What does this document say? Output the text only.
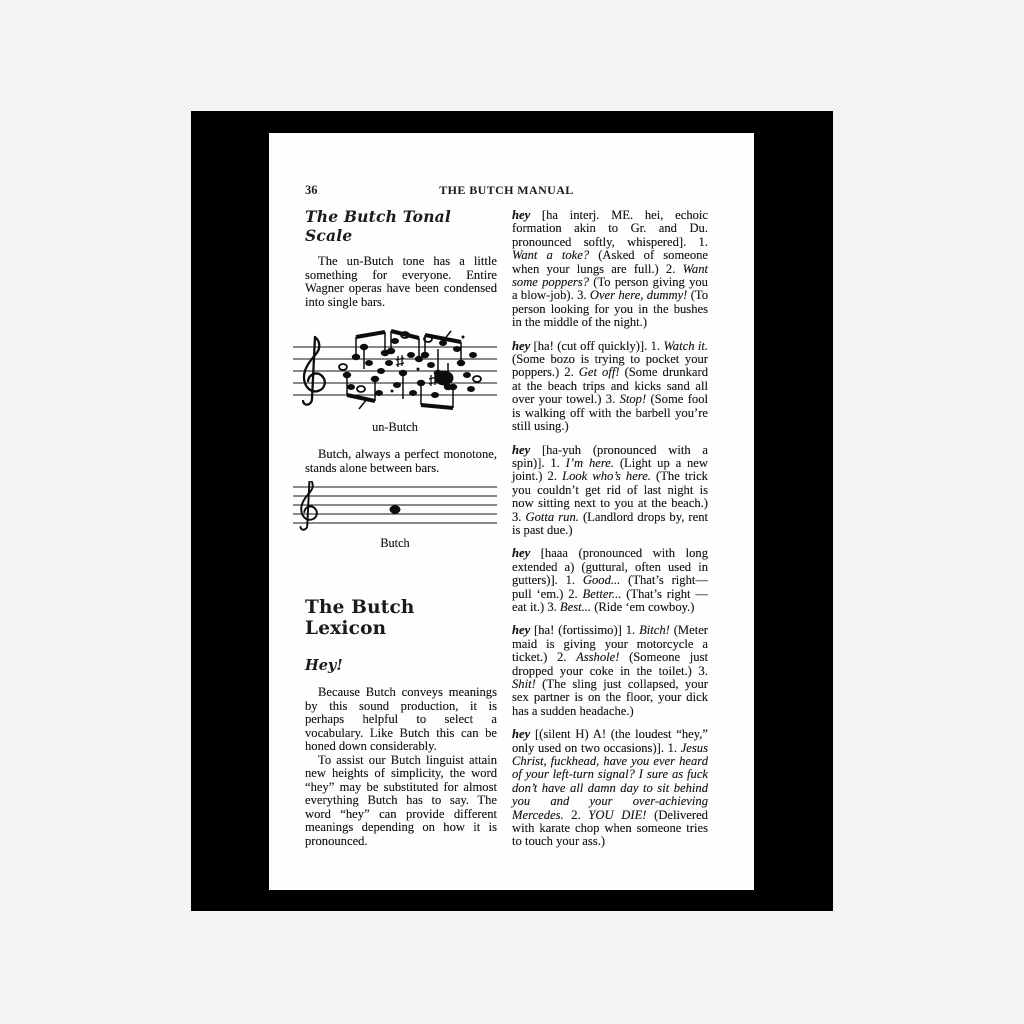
36	THE BUTCH MANUAL
The Butch Tonal Scale

The un-Butch tone has a little something for everyone. Entire Wagner operas have been condensed into single bars.

un-Butch

Butch, always a perfect monotone, stands alone between bars.

Butch
The Butch Lexicon
Hey!

Because Butch conveys meanings by this sound production, it is perhaps helpful to select a vocabulary. Like Butch this can be honed down considerably.

To assist our Butch linguist attain new heights of simplicity, the word “hey” may be substituted for almost everything Butch has to say. The word “hey” can provide different meanings depending on how it is pronounced.

hey [ha interj. ME. hei, echoic formation akin to Gr. and Du. pronounced softly, whispered]. 1. Want a toke? (Asked of someone when your lungs are full.) 2. Want some poppers? (To person giving you a blow-job). 3. Over here, dummy! (To person looking for you in the bushes in the middle of the night.)

hey [ha! (cut off quickly)]. 1. Watch it. (Some bozo is trying to pocket your poppers.) 2. Get off! (Some drunkard at the beach trips and kicks sand all over your towel.) 3. Stop! (Some fool is walking off with the barbell you’re still using.)

hey [ha-yuh (pronounced with a spin)]. 1. I’m here. (Light up a new joint.) 2. Look who’s here. (The trick you couldn’t get rid of last night is now sitting next to you at the beach.) 3. Gotta run. (Landlord drops by, rent is past due.)

hey [haaa (pronounced with long extended a) (guttural, often used in gutters)]. 1. Good... (That’s right—pull ‘em.) 2. Better... (That’s right — eat it.) 3. Best... (Ride ‘em cowboy.)

hey [ha! (fortissimo)] 1. Bitch! (Meter maid is giving your motorcycle a ticket.) 2. Asshole! (Someone just dropped your coke in the toilet.) 3. Shit! (The sling just collapsed, your sex partner is on the floor, your dick has a sudden headache.)

hey [(silent H) A! (the loudest “hey,” only used on two occasions)]. 1. Jesus Christ, fuckhead, have you ever heard of your left-turn signal? I sure as fuck don’t have all damn day to sit behind you and your over-achieving Mercedes. 2. YOU DIE! (Delivered with karate chop when someone tries to touch your ass.)
